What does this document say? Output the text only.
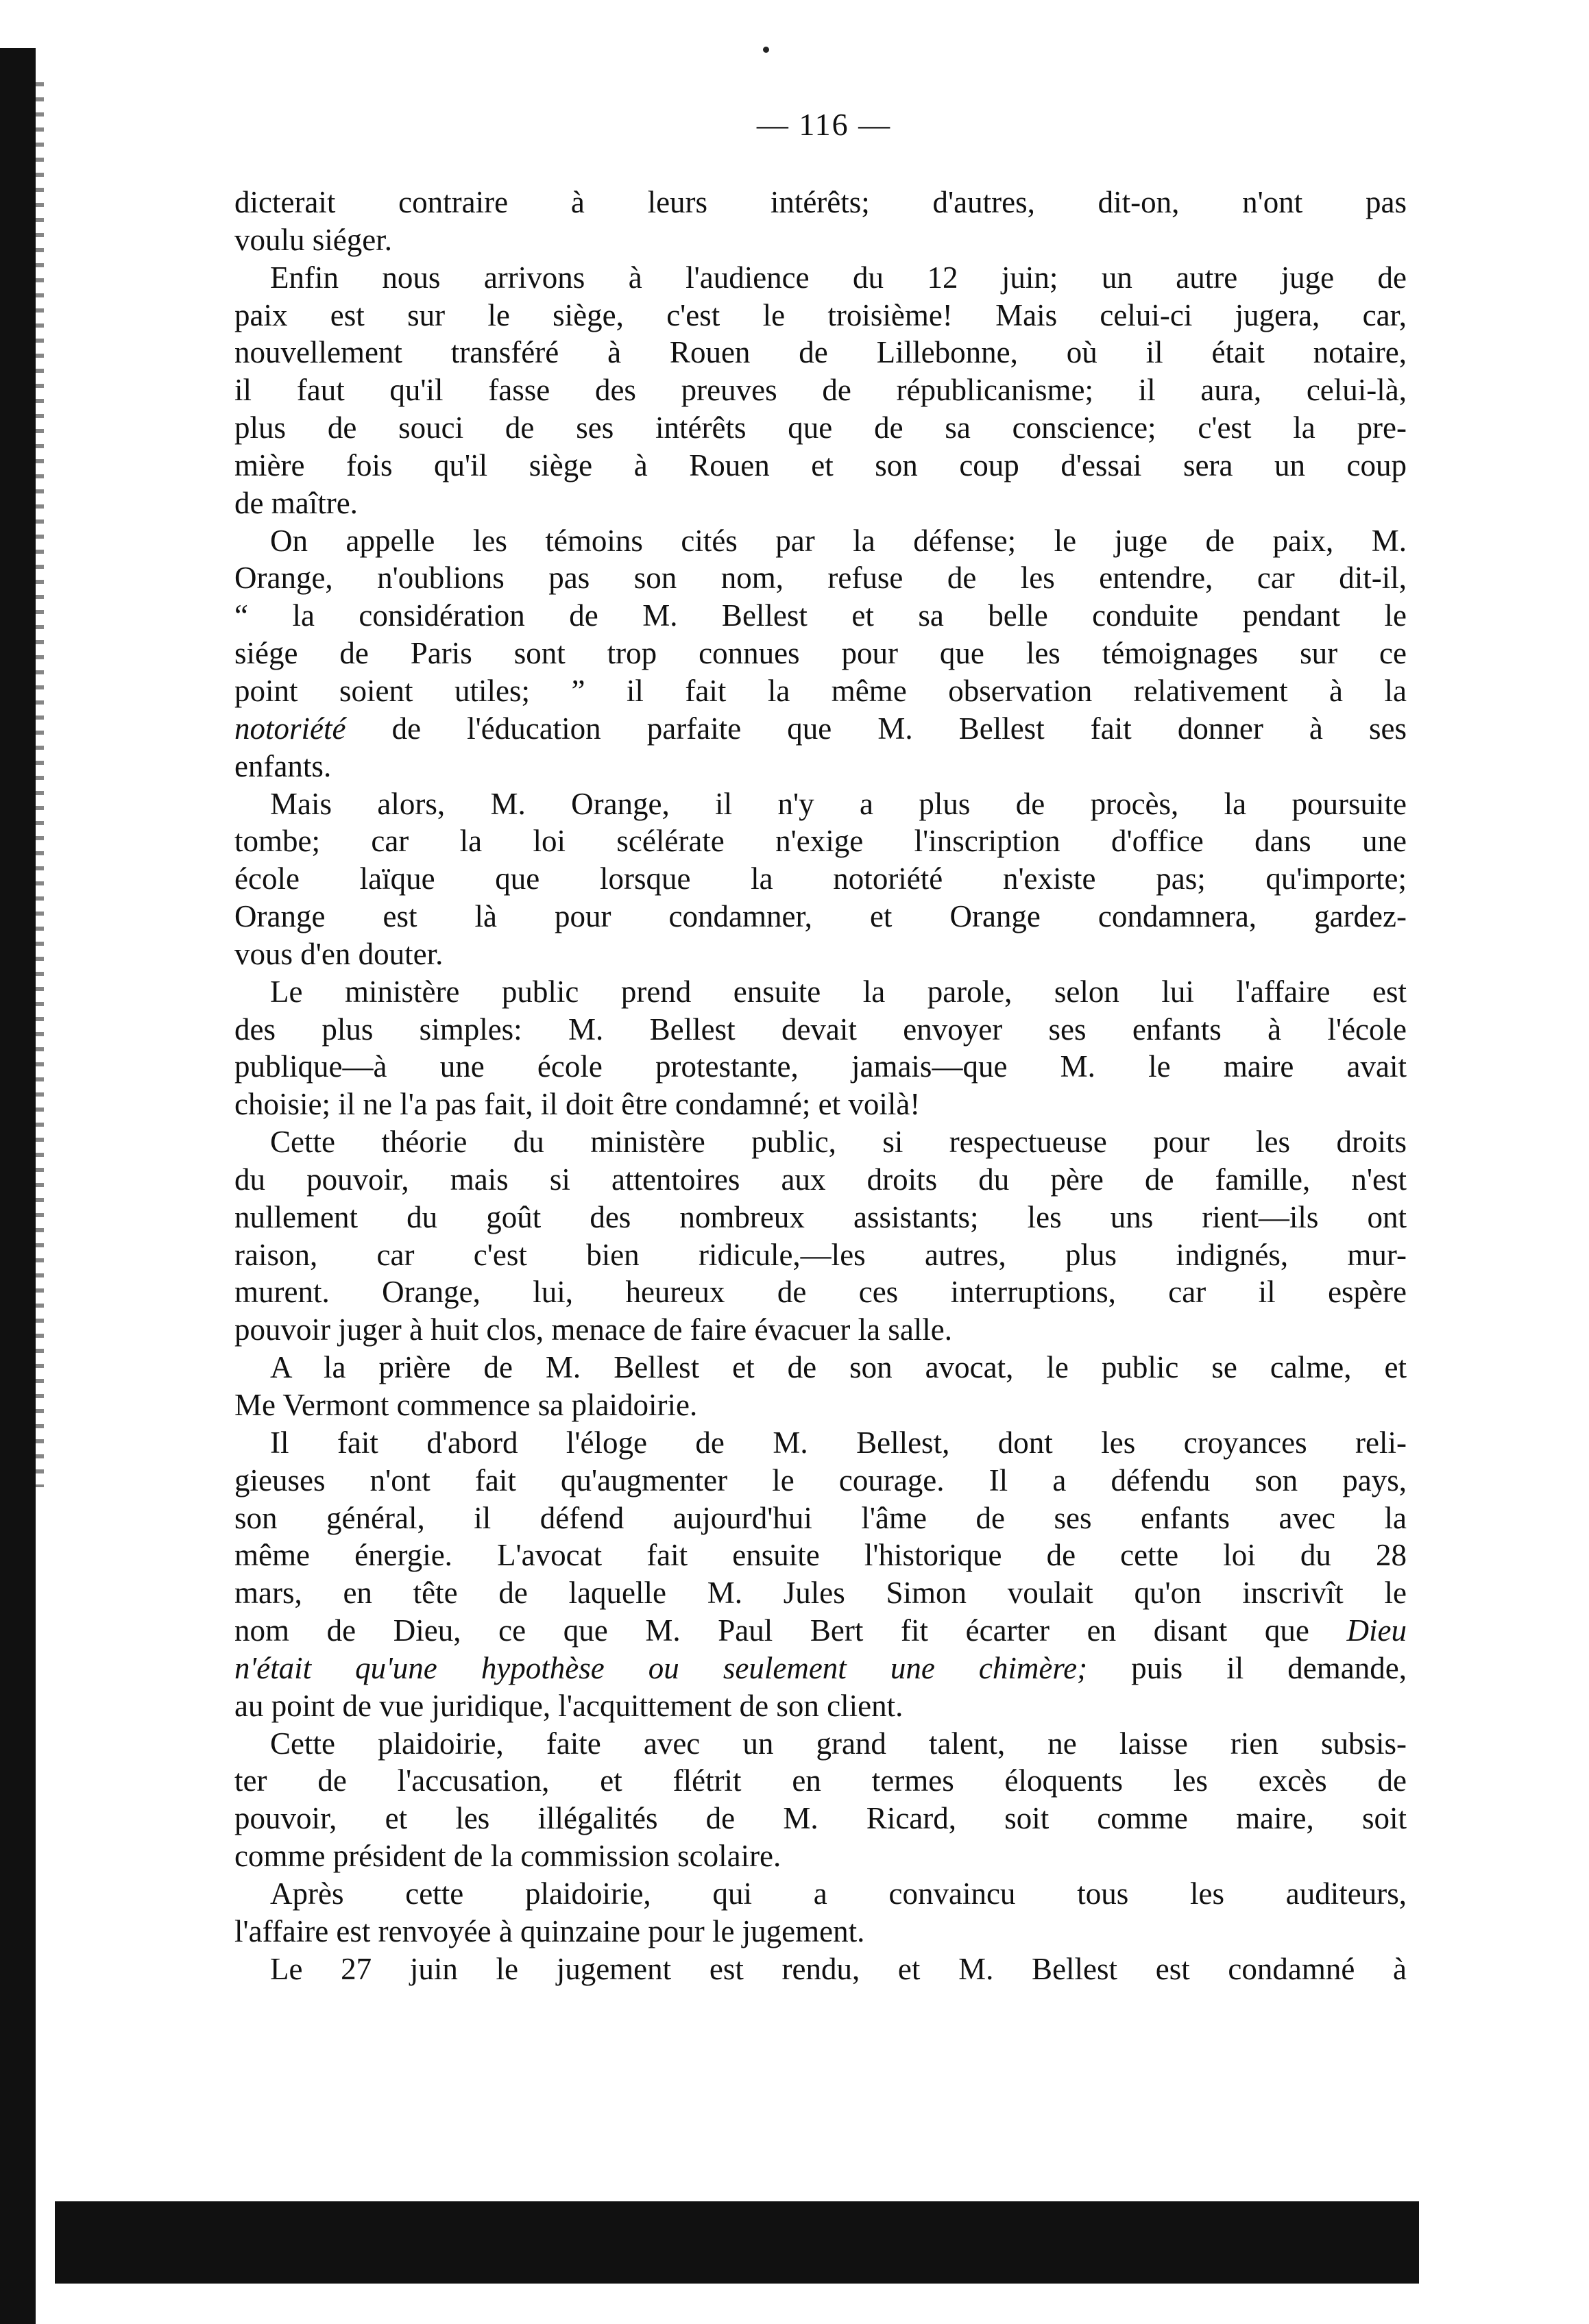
— 116 —
dicterait contraire à leurs intérêts; d'autres, dit-on, n'ont pas
voulu siéger.
Enfin nous arrivons à l'audience du 12 juin; un autre juge de
paix est sur le siège, c'est le troisième! Mais celui-ci jugera, car,
nouvellement transféré à Rouen de Lillebonne, où il était notaire,
il faut qu'il fasse des preuves de républicanisme; il aura, celui-là,
plus de souci de ses intérêts que de sa conscience; c'est la pre-
mière fois qu'il siège à Rouen et son coup d'essai sera un coup
de maître.
On appelle les témoins cités par la défense; le juge de paix, M.
Orange, n'oublions pas son nom, refuse de les entendre, car dit-il,
“ la considération de M. Bellest et sa belle conduite pendant le
siége de Paris sont trop connues pour que les témoignages sur ce
point soient utiles; ” il fait la même observation relativement à la
notoriété de l'éducation parfaite que M. Bellest fait donner à ses
enfants.
Mais alors, M. Orange, il n'y a plus de procès, la poursuite
tombe; car la loi scélérate n'exige l'inscription d'office dans une
école laïque que lorsque la notoriété n'existe pas; qu'importe;
Orange est là pour condamner, et Orange condamnera, gardez-
vous d'en douter.
Le ministère public prend ensuite la parole, selon lui l'affaire est
des plus simples: M. Bellest devait envoyer ses enfants à l'école
publique—à une école protestante, jamais—que M. le maire avait
choisie; il ne l'a pas fait, il doit être condamné; et voilà!
Cette théorie du ministère public, si respectueuse pour les droits
du pouvoir, mais si attentoires aux droits du père de famille, n'est
nullement du goût des nombreux assistants; les uns rient—ils ont
raison, car c'est bien ridicule,—les autres, plus indignés, mur-
murent. Orange, lui, heureux de ces interruptions, car il espère
pouvoir juger à huit clos, menace de faire évacuer la salle.
A la prière de M. Bellest et de son avocat, le public se calme, et
Me Vermont commence sa plaidoirie.
Il fait d'abord l'éloge de M. Bellest, dont les croyances reli-
gieuses n'ont fait qu'augmenter le courage. Il a défendu son pays,
son général, il défend aujourd'hui l'âme de ses enfants avec la
même énergie. L'avocat fait ensuite l'historique de cette loi du 28
mars, en tête de laquelle M. Jules Simon voulait qu'on inscrivît le
nom de Dieu, ce que M. Paul Bert fit écarter en disant que Dieu
n'était qu'une hypothèse ou seulement une chimère; puis il demande,
au point de vue juridique, l'acquittement de son client.
Cette plaidoirie, faite avec un grand talent, ne laisse rien subsis-
ter de l'accusation, et flétrit en termes éloquents les excès de
pouvoir, et les illégalités de M. Ricard, soit comme maire, soit
comme président de la commission scolaire.
Après cette plaidoirie, qui a convaincu tous les auditeurs,
l'affaire est renvoyée à quinzaine pour le jugement.
Le 27 juin le jugement est rendu, et M. Bellest est condamné à
